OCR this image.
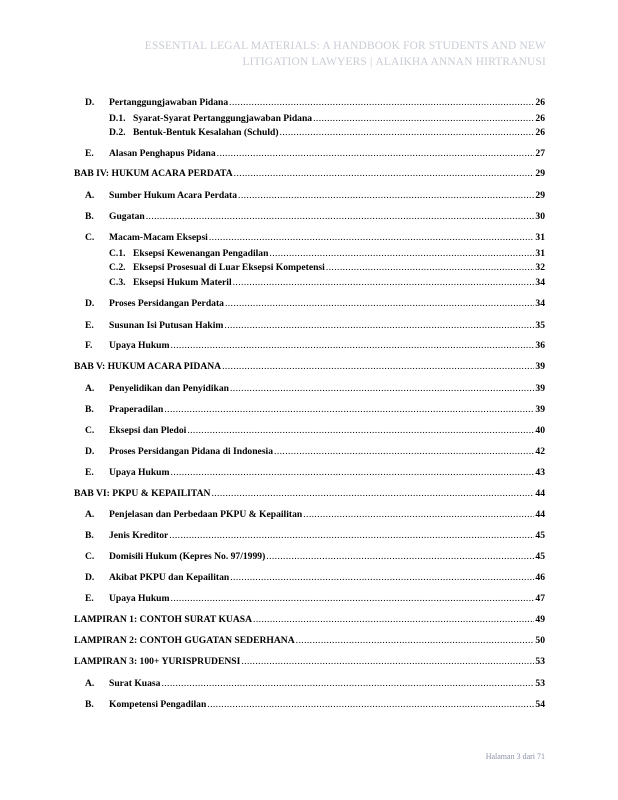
ESSENTIAL LEGAL MATERIALS: A HANDBOOK FOR STUDENTS AND NEW
LITIGATION LAWYERS | ALAIKHA ANNAN HIRTRANUSI
D. Pertanggungjawaban Pidana .....	26
D.1. Syarat-Syarat Pertanggungjawaban Pidana .....	26
D.2. Bentuk-Bentuk Kesalahan (Schuld) .....	26
E. Alasan Penghapus Pidana .....	27
BAB IV: HUKUM ACARA PERDATA .....	29
A. Sumber Hukum Acara Perdata .....	29
B. Gugatan .....	30
C. Macam-Macam Eksepsi .....	31
C.1. Eksepsi Kewenangan Pengadilan .....	31
C.2. Eksepsi Prosesual di Luar Eksepsi Kompetensi .....	32
C.3. Eksepsi Hukum Materil .....	34
D. Proses Persidangan Perdata .....	34
E. Susunan Isi Putusan Hakim .....	35
F. Upaya Hukum .....	36
BAB V: HUKUM ACARA PIDANA .....	39
A. Penyelidikan dan Penyidikan .....	39
B. Praperadilan .....	39
C. Eksepsi dan Pledoi .....	40
D. Proses Persidangan Pidana di Indonesia .....	42
E. Upaya Hukum .....	43
BAB VI: PKPU & KEPAILITAN .....	44
A. Penjelasan dan Perbedaan PKPU & Kepailitan .....	44
B. Jenis Kreditor .....	45
C. Domisili Hukum (Kepres No. 97/1999) .....	45
D. Akibat PKPU dan Kepailitan .....	46
E. Upaya Hukum .....	47
LAMPIRAN 1: CONTOH SURAT KUASA .....	49
LAMPIRAN 2: CONTOH GUGATAN SEDERHANA .....	50
LAMPIRAN 3: 100+ YURISPRUDENSI .....	53
A. Surat Kuasa .....	53
B. Kompetensi Pengadilan .....	54
Halaman 3 dari 71
